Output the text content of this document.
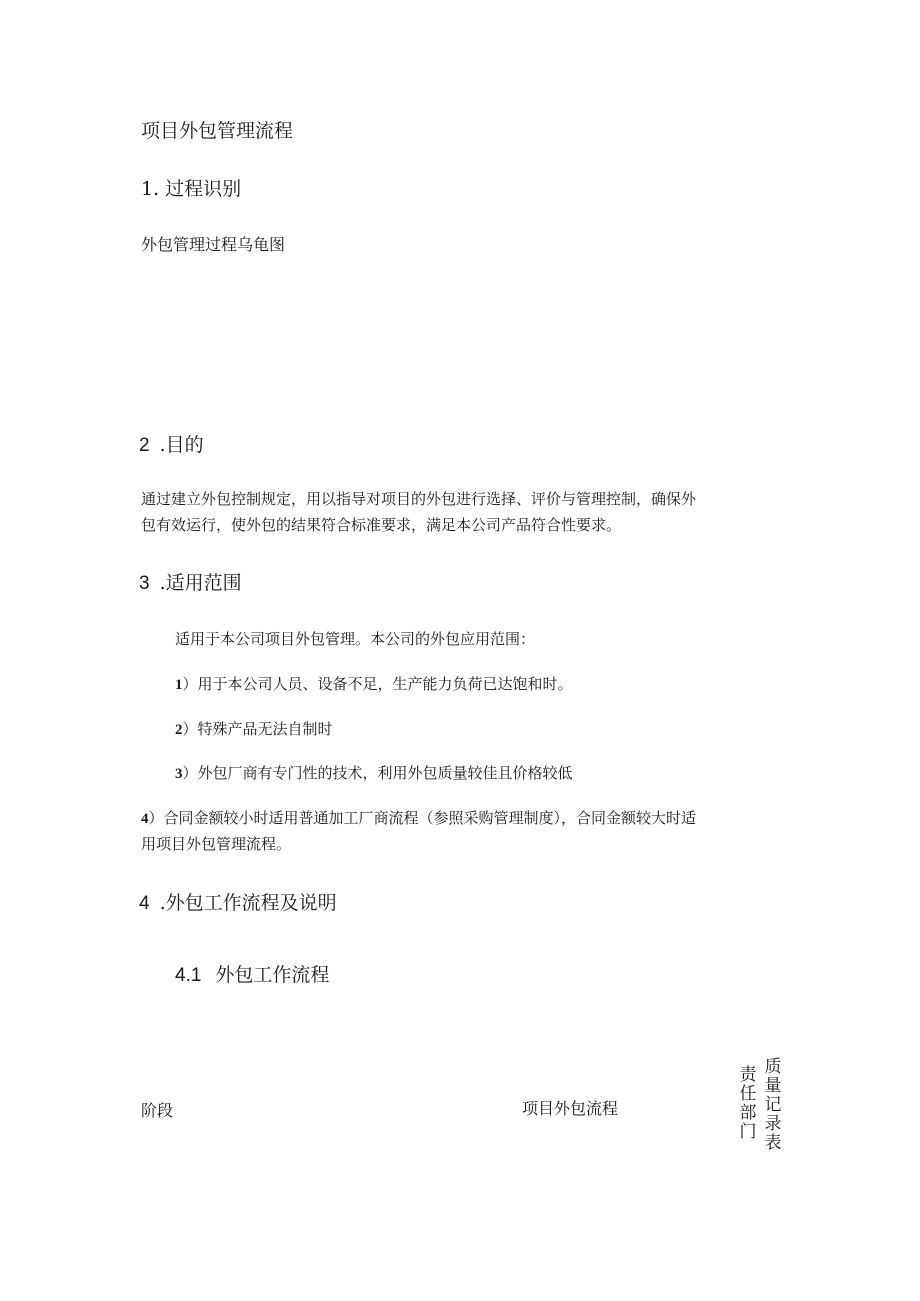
项目外包管理流程
1. 过程识别
外包管理过程乌龟图
2 .目的
通过建立外包控制规定，用以指导对项目的外包进行选择、评价与管理控制，确保外
包有效运行，使外包的结果符合标准要求，满足本公司产品符合性要求。
3 .适用范围
适用于本公司项目外包管理。本公司的外包应用范围：
1）用于本公司人员、设备不足，生产能力负荷已达饱和时。
2）特殊产品无法自制时
3）外包厂商有专门性的技术，利用外包质量较佳且价格较低
4）合同金额较小时适用普通加工厂商流程（参照采购管理制度），合同金额较大时适
用项目外包管理流程。
4 .外包工作流程及说明
4.1 外包工作流程
阶段	项目外包流程
责任部门
质量记录表
